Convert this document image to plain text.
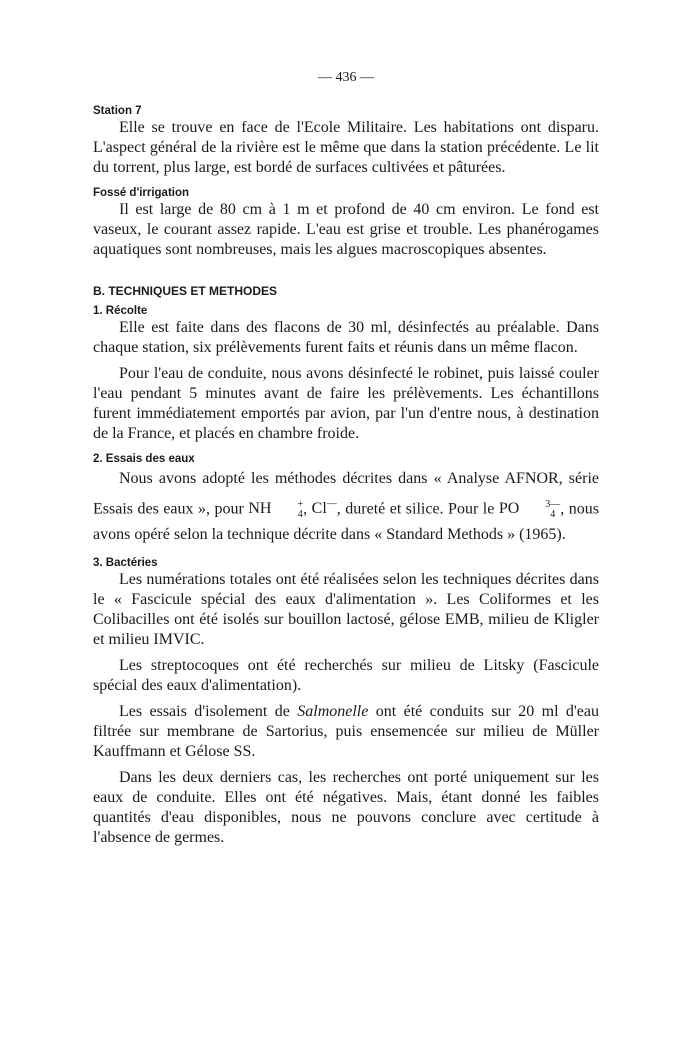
— 436 —
Station 7

Elle se trouve en face de l'Ecole Militaire. Les habitations ont disparu. L'aspect général de la rivière est le même que dans la station précédente. Le lit du torrent, plus large, est bordé de surfaces cultivées et pâturées.

Fossé d'irrigation

Il est large de 80 cm à 1 m et profond de 40 cm environ. Le fond est vaseux, le courant assez rapide. L'eau est grise et trouble. Les phanérogames aquatiques sont nombreuses, mais les algues macroscopiques absentes.

B. TECHNIQUES ET METHODES
1. Récolte

Elle est faite dans des flacons de 30 ml, désinfectés au préalable. Dans chaque station, six prélèvements furent faits et réunis dans un même flacon.

Pour l'eau de conduite, nous avons désinfecté le robinet, puis laissé couler l'eau pendant 5 minutes avant de faire les prélèvements. Les échantillons furent immédiatement emportés par avion, par l'un d'entre nous, à destination de la France, et placés en chambre froide.

2. Essais des eaux

Nous avons adopté les méthodes décrites dans « Analyse AFNOR, série Essais des eaux », pour NH	+
4 , Cl—, dureté et silice. Pour le PO	3—
4 , nous avons opéré selon la technique décrite dans « Standard Methods » (1965).

3. Bactéries

Les numérations totales ont été réalisées selon les techniques décrites dans le « Fascicule spécial des eaux d'alimentation ». Les Coliformes et les Colibacilles ont été isolés sur bouillon lactosé, gélose EMB, milieu de Kligler et milieu IMVIC.

Les streptocoques ont été recherchés sur milieu de Litsky (Fascicule spécial des eaux d'alimentation).

Les essais d'isolement de Salmonelle ont été conduits sur 20 ml d'eau filtrée sur membrane de Sartorius, puis ensemencée sur milieu de Müller Kauffmann et Gélose SS.

Dans les deux derniers cas, les recherches ont porté uniquement sur les eaux de conduite. Elles ont été négatives. Mais, étant donné les faibles quantités d'eau disponibles, nous ne pouvons conclure avec certitude à l'absence de germes.
